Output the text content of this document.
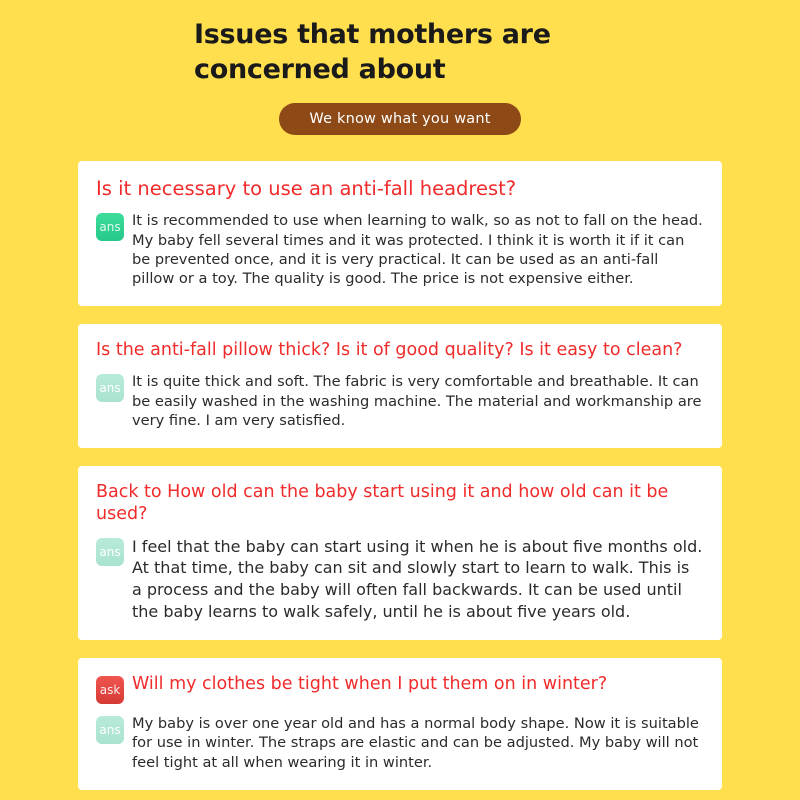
Issues that mothers are concerned about
We know what you want
Is it necessary to use an anti-fall headrest?
ans It is recommended to use when learning to walk, so as not to fall on the head. My baby fell several times and it was protected. I think it is worth it if it can be prevented once, and it is very practical. It can be used as an anti-fall pillow or a toy. The quality is good. The price is not expensive either.
Is the anti-fall pillow thick? Is it of good quality? Is it easy to clean?
ans It is quite thick and soft. The fabric is very comfortable and breathable. It can be easily washed in the washing machine. The material and workmanship are very fine. I am very satisfied.
Back to How old can the baby start using it and how old can it be used?
ans I feel that the baby can start using it when he is about five months old. At that time, the baby can sit and slowly start to learn to walk. This is a process and the baby will often fall backwards. It can be used until the baby learns to walk safely, until he is about five years old.
ask Will my clothes be tight when I put them on in winter?
ans My baby is over one year old and has a normal body shape. Now it is suitable for use in winter. The straps are elastic and can be adjusted. My baby will not feel tight at all when wearing it in winter.
